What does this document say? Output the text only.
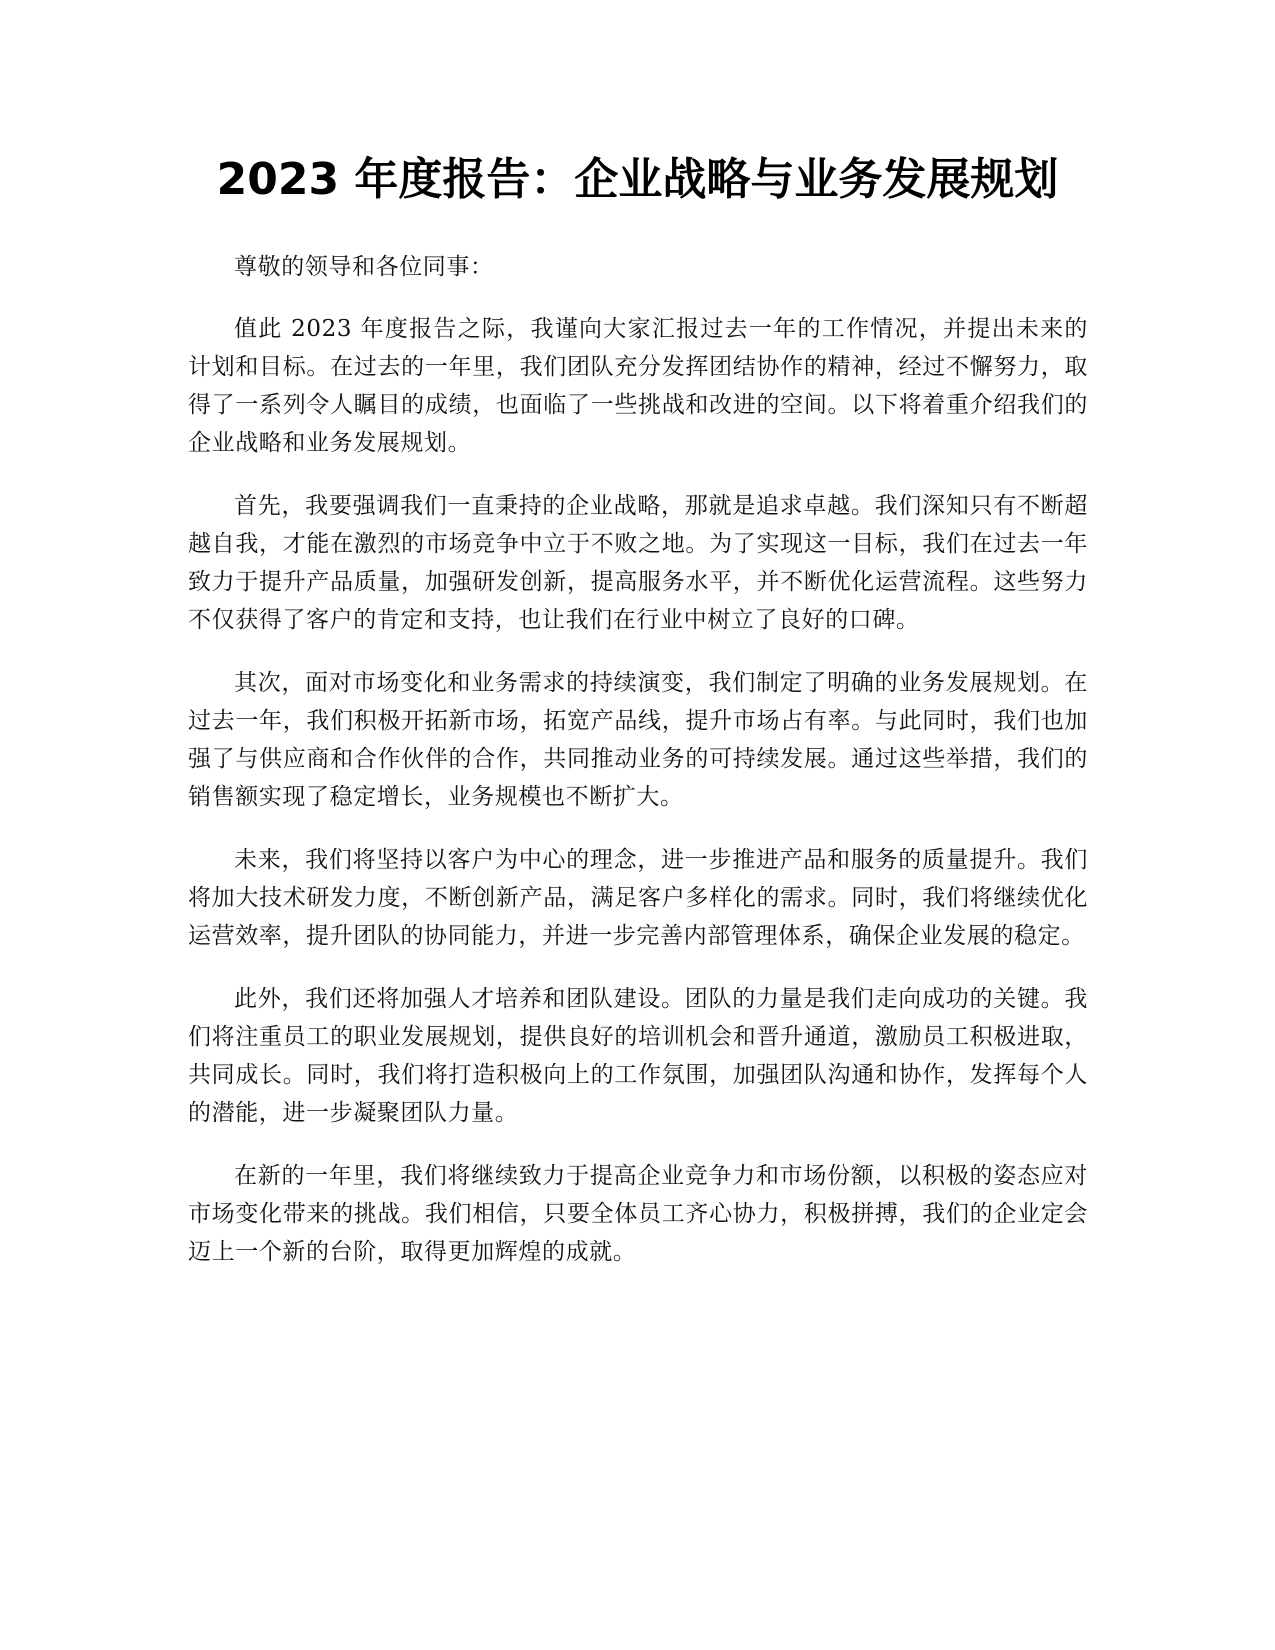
2023 年度报告：企业战略与业务发展规划

尊敬的领导和各位同事：

值此 2023 年度报告之际，我谨向大家汇报过去一年的工作情况，并提出未来的计划和目标。在过去的一年里，我们团队充分发挥团结协作的精神，经过不懈努力，取得了一系列令人瞩目的成绩，也面临了一些挑战和改进的空间。以下将着重介绍我们的企业战略和业务发展规划。

首先，我要强调我们一直秉持的企业战略，那就是追求卓越。我们深知只有不断超越自我，才能在激烈的市场竞争中立于不败之地。为了实现这一目标，我们在过去一年致力于提升产品质量，加强研发创新，提高服务水平，并不断优化运营流程。这些努力不仅获得了客户的肯定和支持，也让我们在行业中树立了良好的口碑。

其次，面对市场变化和业务需求的持续演变，我们制定了明确的业务发展规划。在过去一年，我们积极开拓新市场，拓宽产品线，提升市场占有率。与此同时，我们也加强了与供应商和合作伙伴的合作，共同推动业务的可持续发展。通过这些举措，我们的销售额实现了稳定增长，业务规模也不断扩大。

未来，我们将坚持以客户为中心的理念，进一步推进产品和服务的质量提升。我们将加大技术研发力度，不断创新产品，满足客户多样化的需求。同时，我们将继续优化运营效率，提升团队的协同能力，并进一步完善内部管理体系，确保企业发展的稳定。

此外，我们还将加强人才培养和团队建设。团队的力量是我们走向成功的关键。我们将注重员工的职业发展规划，提供良好的培训机会和晋升通道，激励员工积极进取，共同成长。同时，我们将打造积极向上的工作氛围，加强团队沟通和协作，发挥每个人的潜能，进一步凝聚团队力量。

在新的一年里，我们将继续致力于提高企业竞争力和市场份额，以积极的姿态应对市场变化带来的挑战。我们相信，只要全体员工齐心协力，积极拼搏，我们的企业定会迈上一个新的台阶，取得更加辉煌的成就。
